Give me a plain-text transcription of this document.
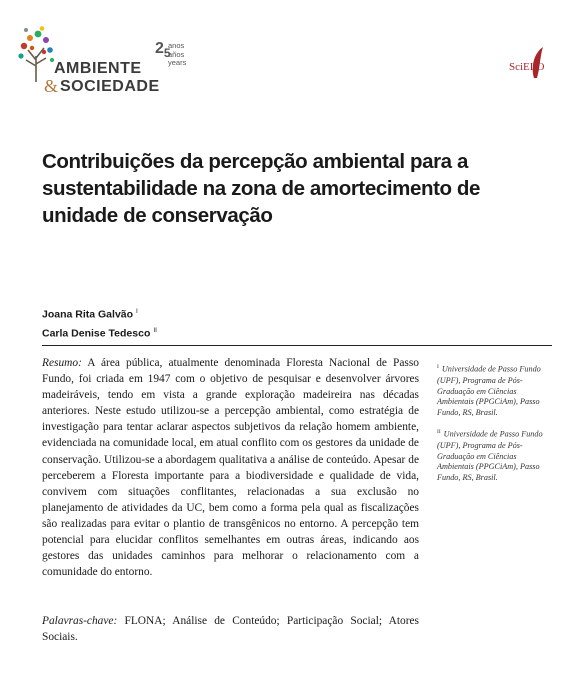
AMBIENTE
& SOCIEDADE
$2_5$
anos
años
years	SciELO
Contribuições da percepção ambiental para a sustentabilidade na zona de amortecimento de unidade de conservação
Joana Rita Galvão $^I$
Carla Denise Tedesco $^{II}$

Resumo: A área pública, atualmente denominada Floresta Nacional de Passo Fundo, foi criada em 1947 com o objetivo de pesquisar e desenvolver árvores madeiráveis, tendo em vista a grande exploração madeireira nas décadas anteriores. Neste estudo utilizou-se a percepção ambiental, como estratégia de investigação para tentar aclarar aspectos subjetivos da relação homem ambiente, evidenciada na comunidade local, em atual conflito com os gestores da unidade de conservação. Utilizou-se a abordagem qualitativa a análise de conteúdo. Apesar de perceberem a Floresta importante para a biodiversidade e qualidade de vida, convivem com situações conflitantes, relacionadas a sua exclusão no planejamento de atividades da UC, bem como a forma pela qual as fiscalizações são realizadas para evitar o plantio de transgênicos no entorno. A percepção tem potencial para elucidar conflitos semelhantes em outras áreas, indicando aos gestores das unidades caminhos para melhorar o relacionamento com a comunidade do entorno.

Palavras-chave: FLONA; Análise de Conteúdo; Participação Social; Atores Sociais.

$^I$ Universidade de Passo Fundo (UPF), Programa de Pós-Graduação em Ciências Ambientais (PPGCiAm), Passo Fundo, RS, Brasil.

$^{II}$ Universidade de Passo Fundo (UPF), Programa de Pós-Graduação em Ciências Ambientais (PPGCiAm), Passo Fundo, RS, Brasil.
